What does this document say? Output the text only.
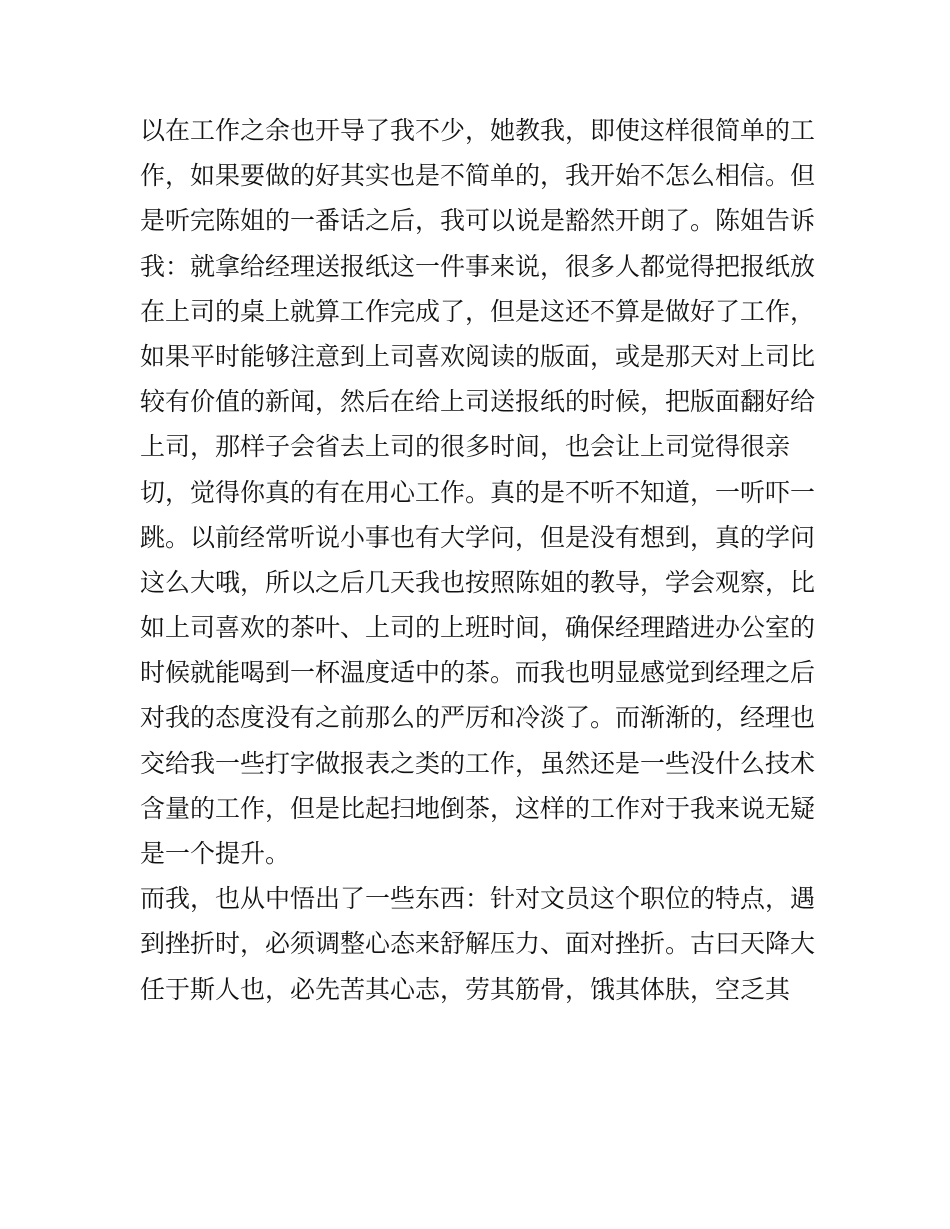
以在工作之余也开导了我不少，她教我，即使这样很简单的工
作，如果要做的好其实也是不简单的，我开始不怎么相信。但
是听完陈姐的一番话之后，我可以说是豁然开朗了。陈姐告诉
我：就拿给经理送报纸这一件事来说，很多人都觉得把报纸放
在上司的桌上就算工作完成了，但是这还不算是做好了工作，
如果平时能够注意到上司喜欢阅读的版面，或是那天对上司比
较有价值的新闻，然后在给上司送报纸的时候，把版面翻好给
上司，那样子会省去上司的很多时间，也会让上司觉得很亲
切，觉得你真的有在用心工作。真的是不听不知道，一听吓一
跳。以前经常听说小事也有大学问，但是没有想到，真的学问
这么大哦，所以之后几天我也按照陈姐的教导，学会观察，比
如上司喜欢的茶叶、上司的上班时间，确保经理踏进办公室的
时候就能喝到一杯温度适中的茶。而我也明显感觉到经理之后
对我的态度没有之前那么的严厉和冷淡了。而渐渐的，经理也
交给我一些打字做报表之类的工作，虽然还是一些没什么技术
含量的工作，但是比起扫地倒茶，这样的工作对于我来说无疑
是一个提升。
而我，也从中悟出了一些东西：针对文员这个职位的特点，遇
到挫折时，必须调整心态来舒解压力、面对挫折。古曰天降大
任于斯人也，必先苦其心志，劳其筋骨，饿其体肤，空乏其
